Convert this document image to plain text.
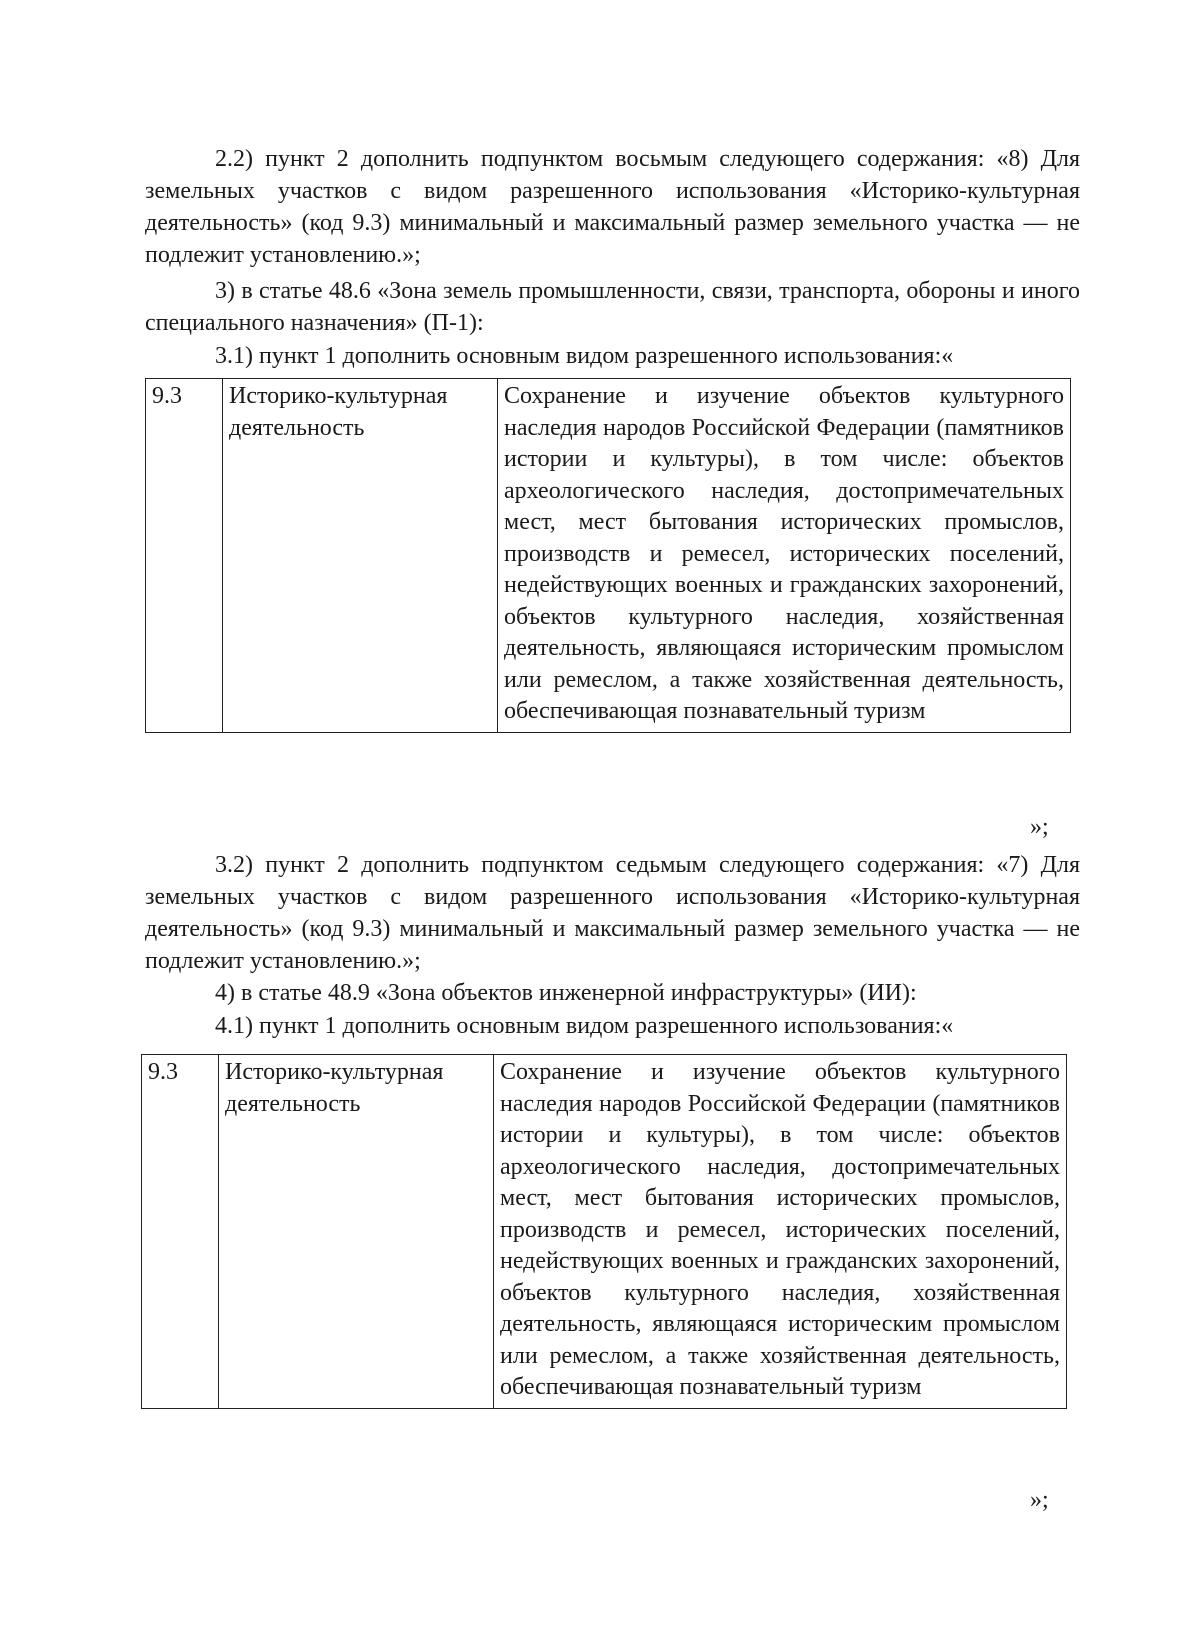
2.2) пункт 2 дополнить подпунктом восьмым следующего содержания: «8) Для земельных участков с видом разрешенного использования «Историко-культурная деятельность» (код 9.3) минимальный и максимальный размер земельного участка — не подлежит установлению.»;

3) в статье 48.6 «Зона земель промышленности, связи, транспорта, обороны и иного специального назначения» (П-1):

3.1) пункт 1 дополнить основным видом разрешенного использования:«

9.3	Историко-культурная деятельность	Сохранение и изучение объектов культурного наследия народов Российской Федерации (памятников истории и культуры), в том числе: объектов археологического наследия, достопримечательных мест, мест бытования исторических промыслов, производств и ремесел, исторических поселений, недействующих военных и гражданских захоронений, объектов культурного наследия, хозяйственная деятельность, являющаяся историческим промыслом или ремеслом, а также хозяйственная деятельность, обеспечивающая познавательный туризм
»;

3.2) пункт 2 дополнить подпунктом седьмым следующего содержания: «7) Для земельных участков с видом разрешенного использования «Историко-культурная деятельность» (код 9.3) минимальный и максимальный размер земельного участка — не подлежит установлению.»;

4) в статье 48.9 «Зона объектов инженерной инфраструктуры» (ИИ):

4.1) пункт 1 дополнить основным видом разрешенного использования:«

9.3	Историко-культурная деятельность	Сохранение и изучение объектов культурного наследия народов Российской Федерации (памятников истории и культуры), в том числе: объектов археологического наследия, достопримечательных мест, мест бытования исторических промыслов, производств и ремесел, исторических поселений, недействующих военных и гражданских захоронений, объектов культурного наследия, хозяйственная деятельность, являющаяся историческим промыслом или ремеслом, а также хозяйственная деятельность, обеспечивающая познавательный туризм
»;
